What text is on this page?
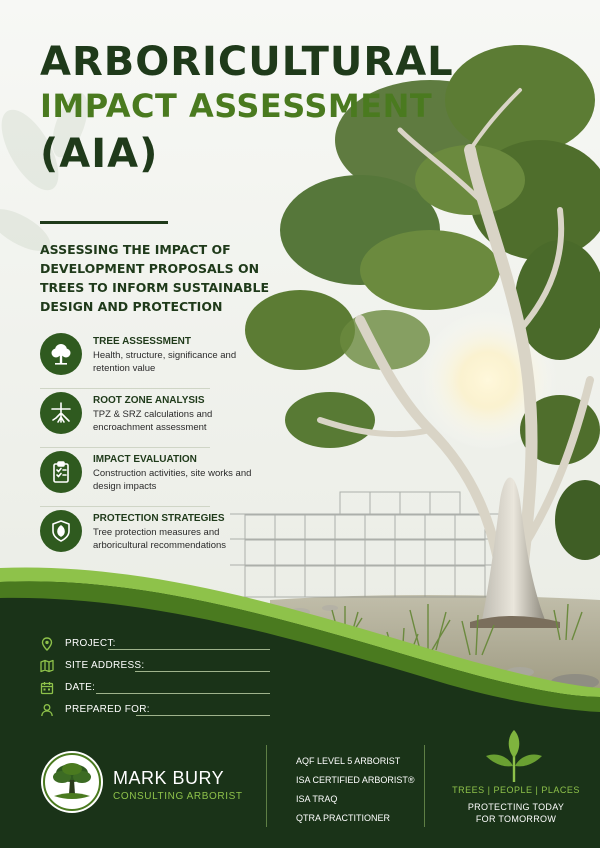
ARBORICULTURAL
IMPACT ASSESSMENT
(AIA)

ASSESSING THE IMPACT OF DEVELOPMENT PROPOSALS ON TREES TO INFORM SUSTAINABLE DESIGN AND PROTECTION

TREE ASSESSMENT
Health, structure, significance and retention value
ROOT ZONE ANALYSIS
TPZ & SRZ calculations and encroachment assessment
IMPACT EVALUATION
Construction activities, site works and design impacts
PROTECTION STRATEGIES
Tree protection measures and arboricultural recommendations
PROJECT:
SITE ADDRESS:
DATE:
PREPARED FOR:
MARK BURY
CONSULTING ARBORIST
AQF LEVEL 5 ARBORIST
ISA CERTIFIED ARBORIST®
ISA TRAQ
QTRA PRACTITIONER
TREES | PEOPLE | PLACES
PROTECTING TODAY
FOR TOMORROW
